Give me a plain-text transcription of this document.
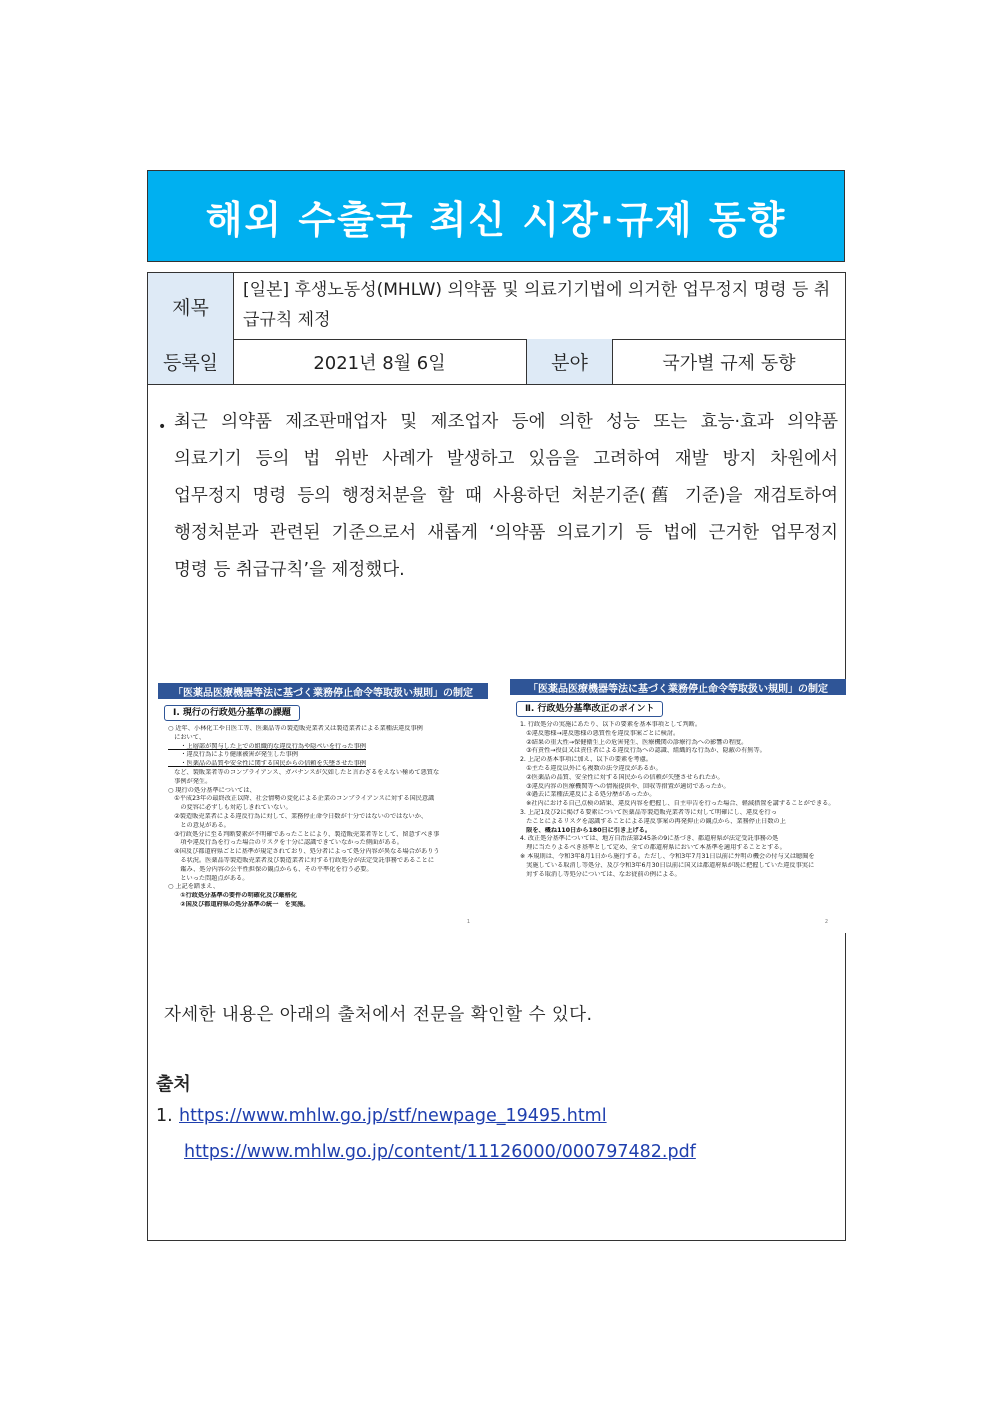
해외 수출국 최신 시장·규제 동향
제목
[일본] 후생노동성(MHLW) 의약품 및 의료기기법에 의거한 업무정지 명령 등 취급규칙 제정
등록일	2021년 8월 6일	분야	국가별 규제 동향
• 최근 의약품 제조판매업자 및 제조업자 등에 의한 성능 또는 효능·효과 의약품
의료기기 등의 법 위반 사례가 발생하고 있음을 고려하여 재발 방지 차원에서
업무정지 명령 등의 행정처분을 할 때 사용하던 처분기준(舊 기준)을 재검토하여
행정처분과 관련된 기준으로서 새롭게 ‘의약품 의료기기 등 법에 근거한 업무정지
명령 등 취급규칙’을 제정했다.
「医薬品医療機器等法に基づく業務停止命令等取扱い規則」の制定
Ⅰ. 現行の行政処分基準の課題
○ 近年、小林化工や日医工等、医薬品等の製造販売業者又は製造業者による業種法違反事例
　において、
　　・上層部が関与した上での組織的な違反行為や隠ぺいを行った事例
　　・違反行為により健康被害が発生した事例
　　・医薬品の品質や安全性に関する国民からの信頼を失墜させた事例
　など、製販業者等のコンプライアンス、ガバナンスが欠如したと言わざるをえない極めて悪質な
　事例が発生。
○ 現行の処分基準については、
　①平成23年の最終改正以降、社会情勢の変化による企業のコンプライアンスに対する国民意識
　　の変容に必ずしも対応しきれていない。
　②製造販売業者による違反行為に対して、業務停止命令日数が十分ではないのではないか、
　　との意見がある。
　③行政処分に至る判断要素が不明確であったことにより、製造販売業者等として、留意すべき事
　　項や違反行為を行った場合のリスクを十分に認識できていなかった側面がある。
　④国及び都道府県ごとに基準が規定されており、処分者によって処分内容が異なる場合がありう
　　る状況。医薬品等製造販売業者及び製造業者に対する行政処分が法定受託事務であることに
　　鑑み、処分内容の公平性担保の観点からも、その平準化を行う必要。
　　といった問題点がある。
○ 上記を踏まえ、
　　①行政処分基準の要件の明確化及び厳格化
　　②国及び都道府県の処分基準の統一　を実施。
1
「医薬品医療機器等法に基づく業務停止命令等取扱い規則」の制定
Ⅱ. 行政処分基準改正のポイント
1. 行政処分の実施にあたり、以下の要素を基本事項として判断。
　①違反態様→違反態様の悪質性を違反事案ごとに検討。
　②結果の重大性→保健衛生上の危害発生、医療機関の診療行為への影響の程度。
　③有責性→役員又は責任者による違反行為への認識、組織的な行為か、隠蔽の有無等。
2. 上記の基本事項に加え、以下の要素を考慮。
　①主たる違反以外にも複数の法令違反があるか。
　②医薬品の品質、安全性に対する国民からの信頼が失墜させられたか。
　③違反内容の医療機関等への情報提供や、回収等措置が適切であったか。
　④過去に業種法違反による処分歴があったか。
　※社内における自己点検の結果、違反内容を把握し、自主申告を行った場合、軽減措置を講ずることができる。
3. 上記1及び2に掲げる要素について医薬品等製造販売業者等に対して明確にし、違反を行っ
　たことによるリスクを認識することによる違反事案の再発抑止の観点から、業務停止日数の上
　限を、概ね110日から180日に引き上げる。
4. 改正処分基準については、地方自治法第245条の9に基づき、都道府県が法定受託事務の処
　理に当たりよるべき基準として定め、全ての都道府県において本基準を適用することとする。
※ 本規則は、令和3年8月1日から施行する。ただし、令和3年7月31日以前に弁明の機会の付与又は聴聞を
　実施している取消し等処分、及び令和3年6月30日以前に国又は都道府県が既に把握していた違反事実に
　対する取消し等処分については、なお従前の例による。
2
자세한 내용은 아래의 출처에서 전문을 확인할 수 있다.
출처
1. https://www.mhlw.go.jp/stf/newpage_19495.html
https://www.mhlw.go.jp/content/11126000/000797482.pdf
